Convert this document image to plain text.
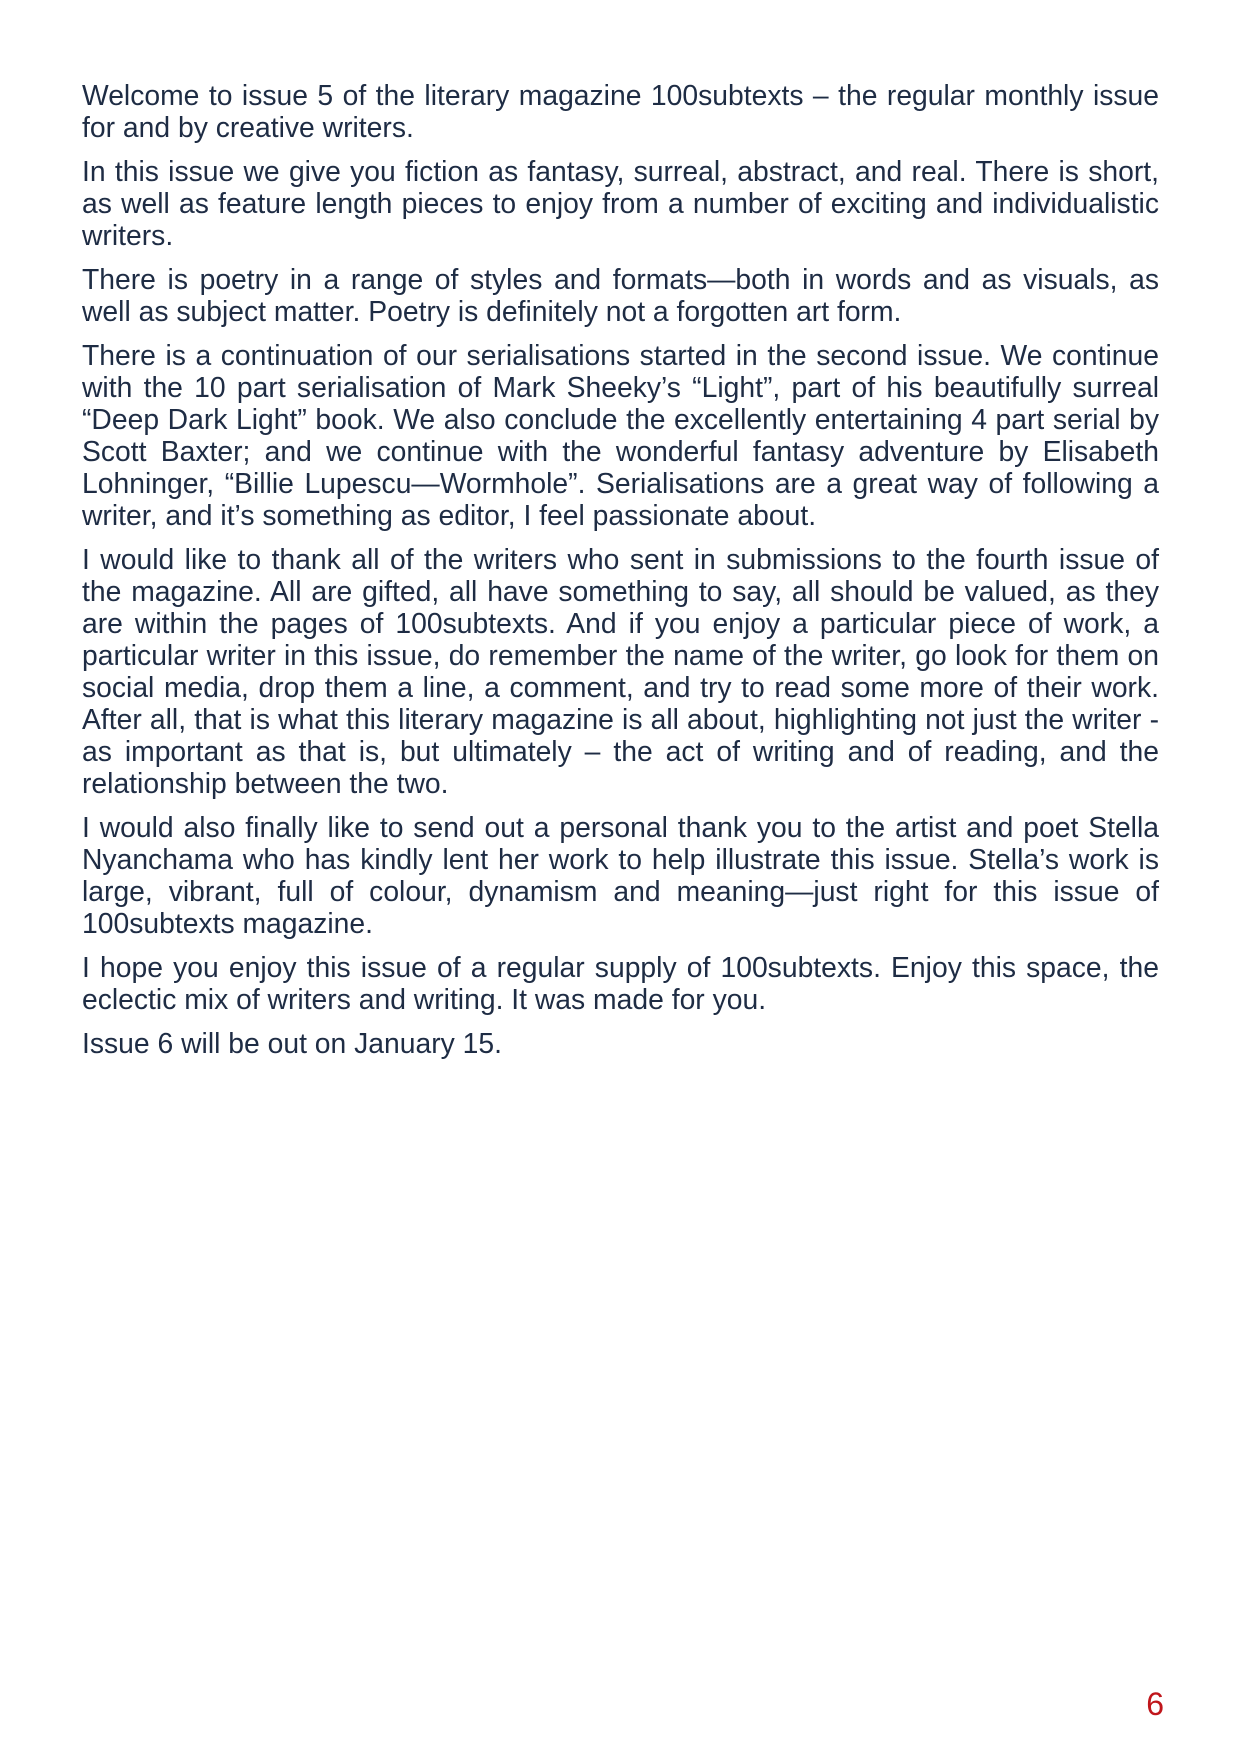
Welcome to issue 5 of the literary magazine 100subtexts – the regular monthly issue for and by creative writers.

In this issue we give you fiction as fantasy, surreal, abstract, and real. There is short, as well as feature length pieces to enjoy from a number of exciting and individualistic writers.

There is poetry in a range of styles and formats—both in words and as visuals, as well as subject matter. Poetry is definitely not a forgotten art form.

There is a continuation of our serialisations started in the second issue. We continue with the 10 part serialisation of Mark Sheeky’s “Light”, part of his beautifully surreal “Deep Dark Light” book. We also conclude the excellently entertaining 4 part serial by Scott Baxter; and we continue with the wonderful fantasy adventure by Elisabeth Lohninger, “Billie Lupescu—Wormhole”. Serialisations are a great way of following a writer, and it’s something as editor, I feel passionate about.

I would like to thank all of the writers who sent in submissions to the fourth issue of the magazine. All are gifted, all have something to say, all should be valued, as they are within the pages of 100subtexts. And if you enjoy a particular piece of work, a particular writer in this issue, do remember the name of the writer, go look for them on social media, drop them a line, a comment, and try to read some more of their work. After all, that is what this literary magazine is all about, highlighting not just the writer - as important as that is, but ultimately – the act of writing and of reading, and the relationship between the two.

I would also finally like to send out a personal thank you to the artist and poet Stella Nyanchama who has kindly lent her work to help illustrate this issue. Stella’s work is large, vibrant, full of colour, dynamism and meaning—just right for this issue of 100subtexts magazine.

I hope you enjoy this issue of a regular supply of 100subtexts. Enjoy this space, the eclectic mix of writers and writing. It was made for you.

Issue 6 will be out on January 15.

6
